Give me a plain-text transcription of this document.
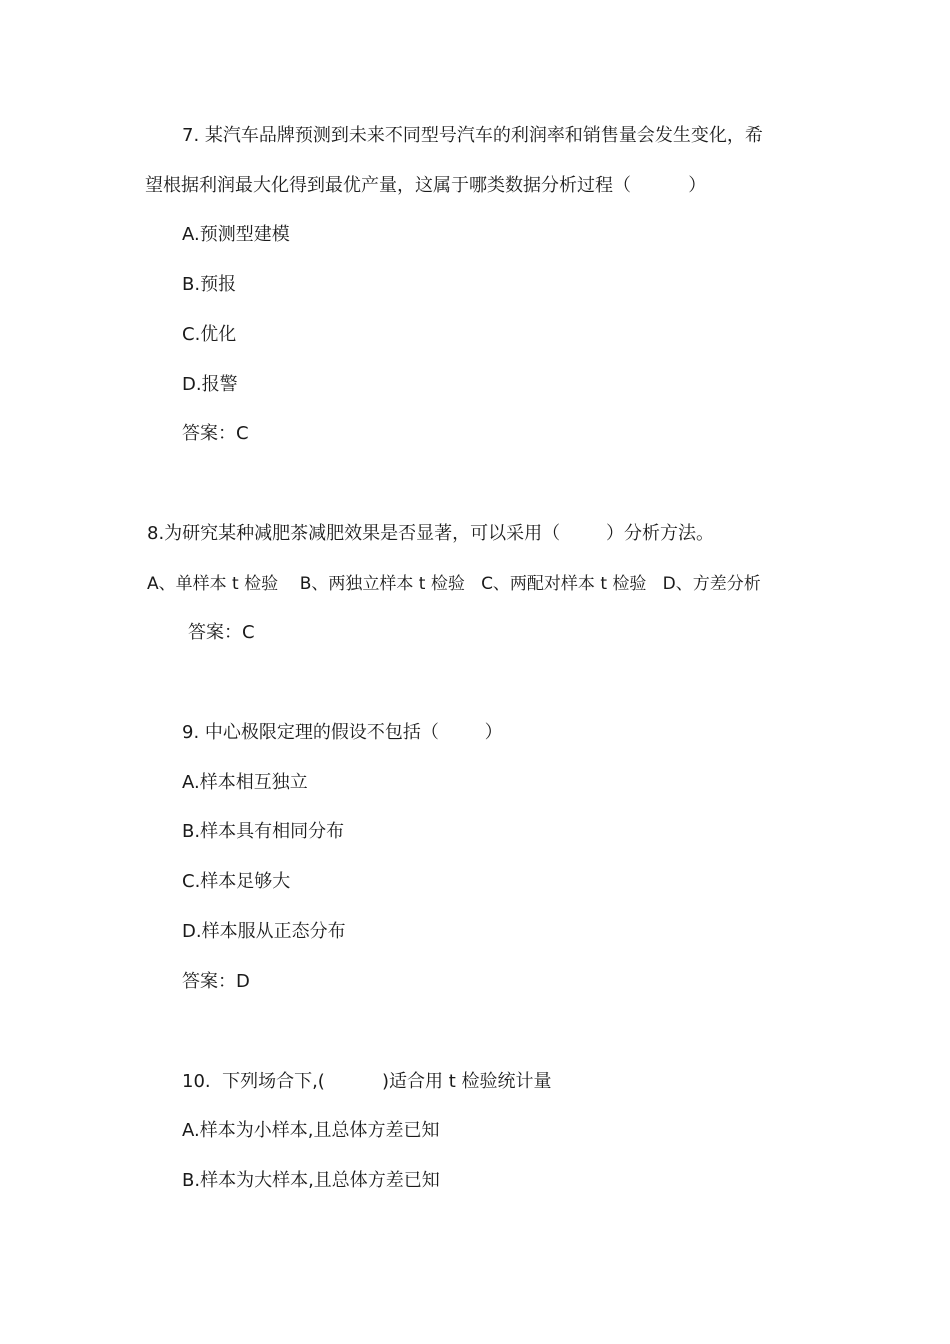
7. 某汽车品牌预测到未来不同型号汽车的利润率和销售量会发生变化，希
望根据利润最大化得到最优产量，这属于哪类数据分析过程（          ）
A.预测型建模
B.预报
C.优化
D.报警
答案：C
8.为研究某种减肥茶减肥效果是否显著，可以采用（        ）分析方法。
A、单样本 t 检验    B、两独立样本 t 检验   C、两配对样本 t 检验   D、方差分析
答案：C
9. 中心极限定理的假设不包括（        ）
A.样本相互独立
B.样本具有相同分布
C.样本足够大
D.样本服从正态分布
答案：D
10.  下列场合下,(          )适合用 t 检验统计量
A.样本为小样本,且总体方差已知
B.样本为大样本,且总体方差已知
